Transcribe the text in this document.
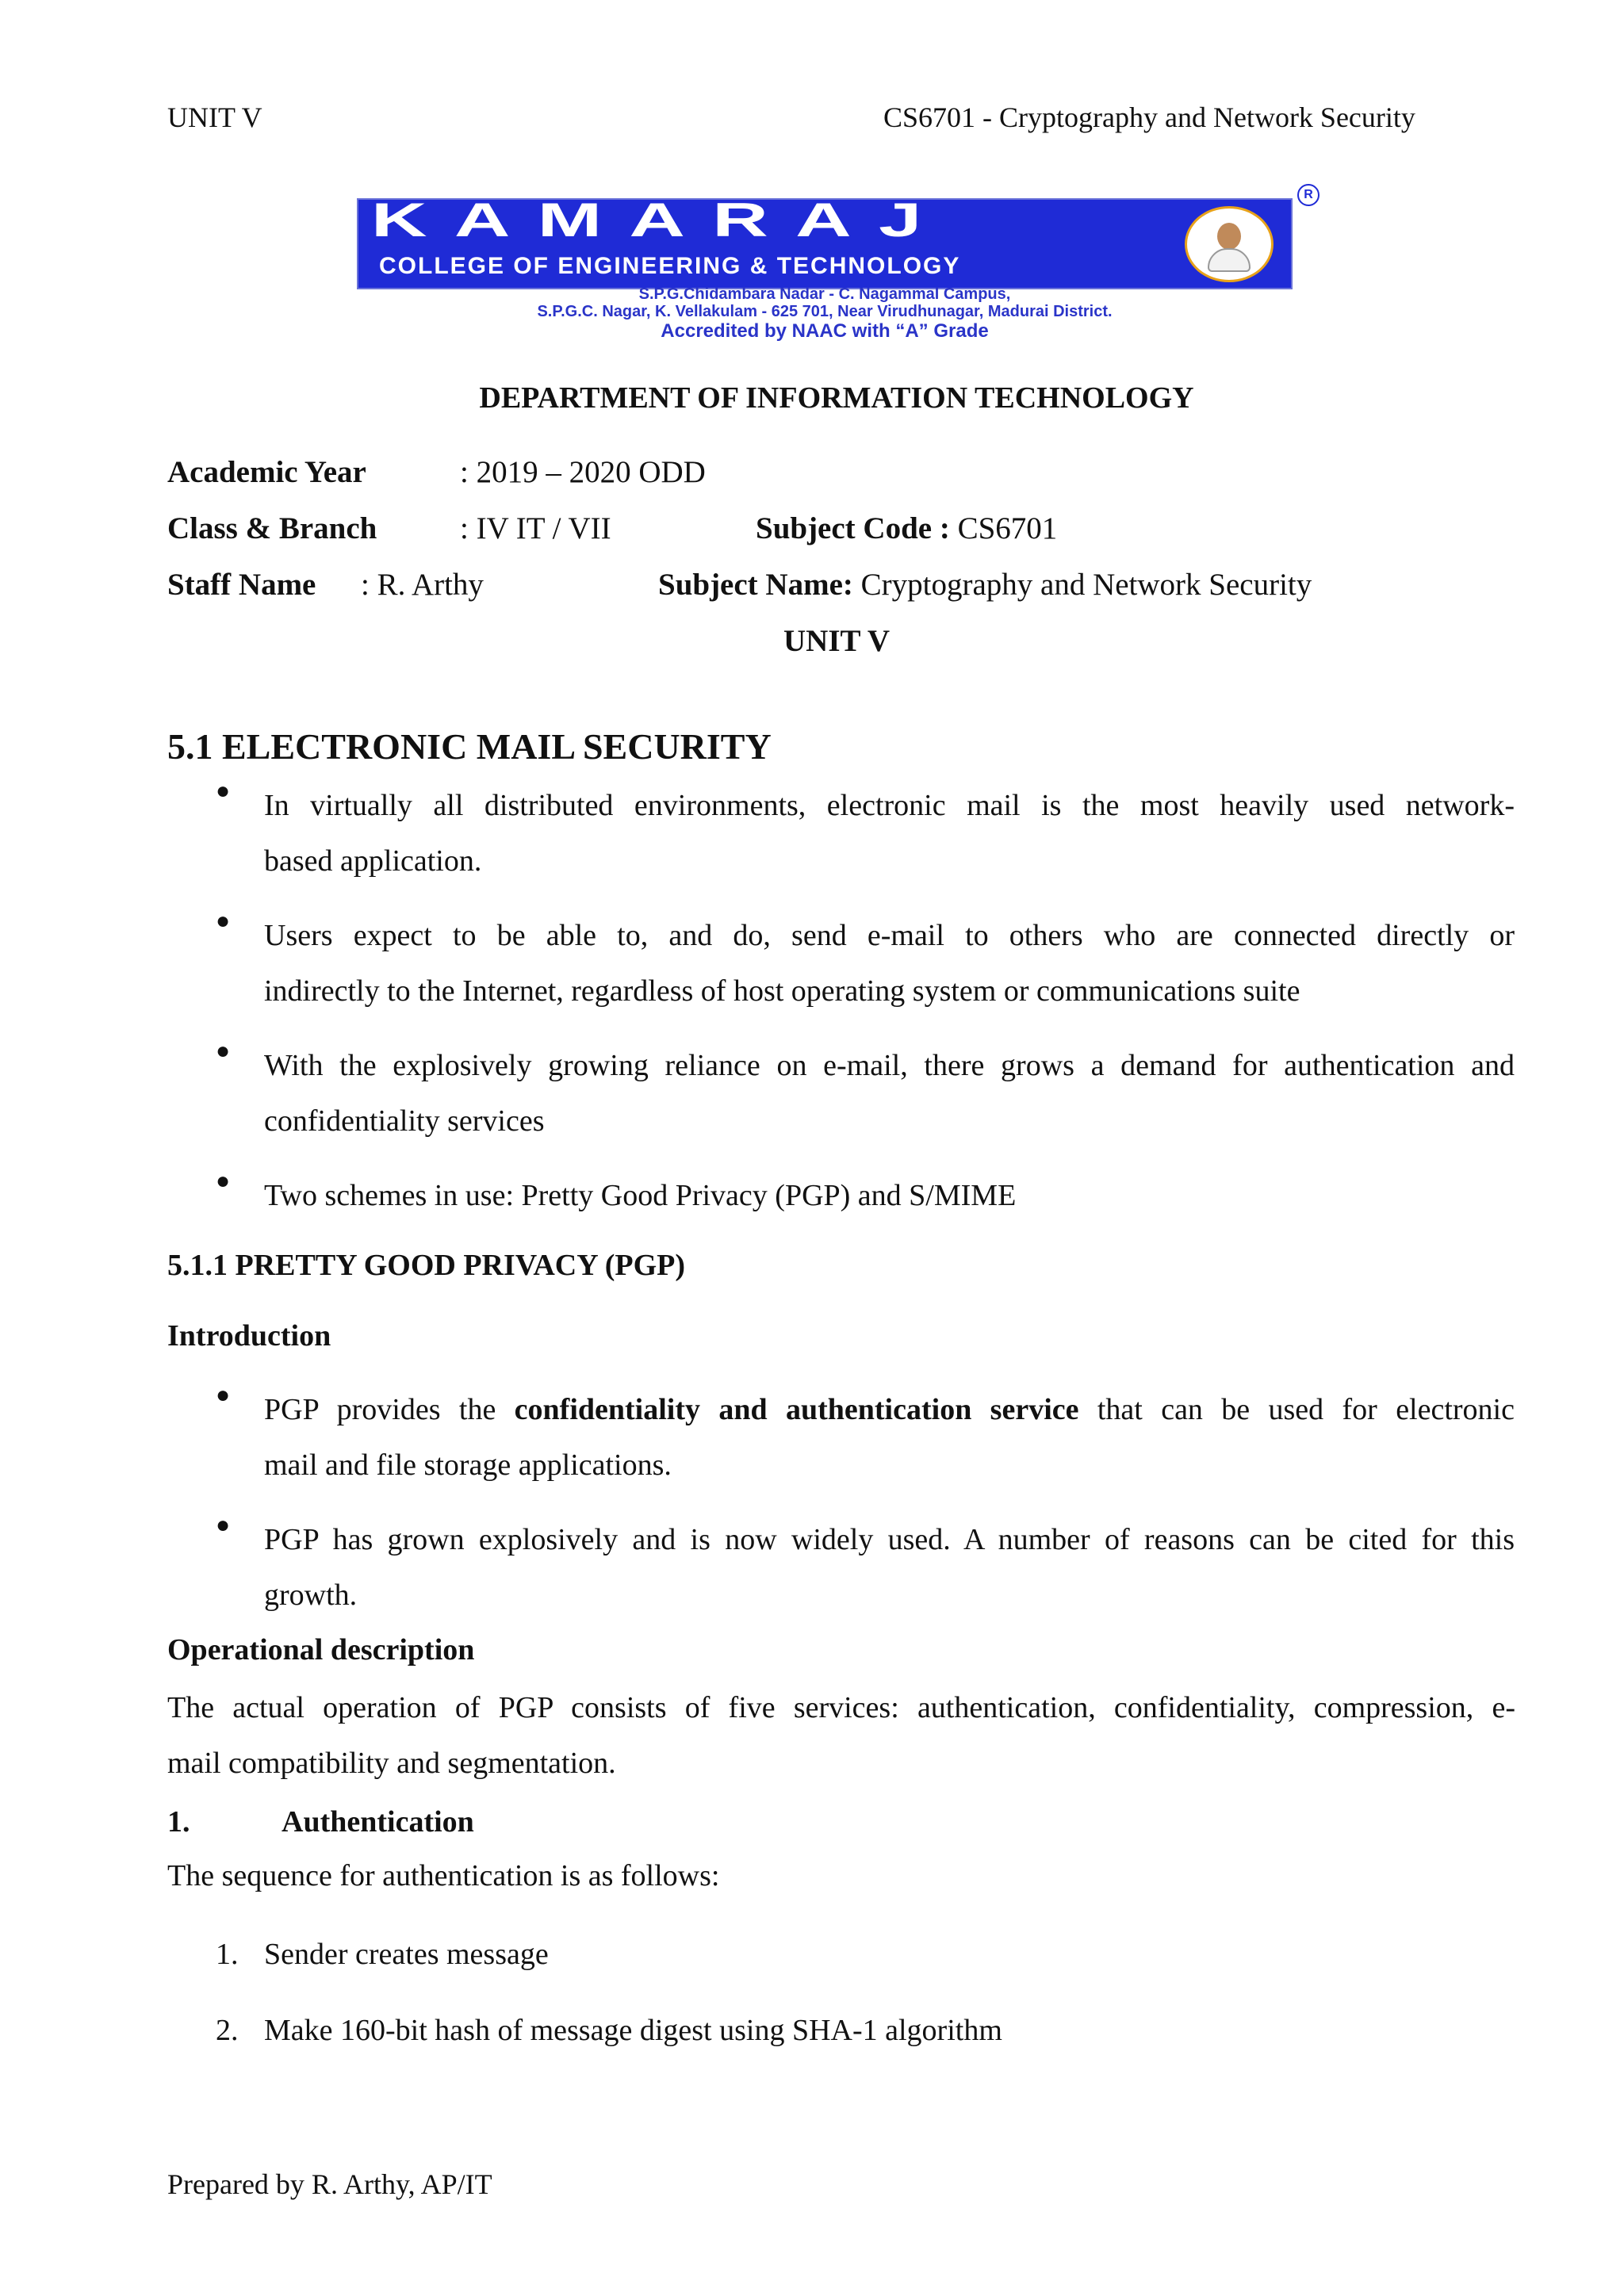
UNIT V	CS6701 - Cryptography and Network Security
KAMARAJ
COLLEGE OF ENGINEERING & TECHNOLOGY
R
S.P.G.Chidambara Nadar - C. Nagammal Campus,
S.P.G.C. Nagar, K. Vellakulam - 625 701, Near Virudhunagar, Madurai District.
Accredited by NAAC with “A” Grade
DEPARTMENT OF INFORMATION TECHNOLOGY
Academic Year	: 2019 – 2020 ODD
Class & Branch	: IV IT / VII	Subject Code : CS6701
Staff Name : R. Arthy	Subject Name: Cryptography and Network Security
UNIT V
5.1 ELECTRONIC MAIL SECURITY
● In virtually all distributed environments, electronic mail is the most heavily used network-
based application.
● Users expect to be able to, and do, send e-mail to others who are connected directly or
indirectly to the Internet, regardless of host operating system or communications suite
● With the explosively growing reliance on e-mail, there grows a demand for authentication and
confidentiality services
● Two schemes in use: Pretty Good Privacy (PGP) and S/MIME
5.1.1 PRETTY GOOD PRIVACY (PGP)
Introduction
● PGP provides the confidentiality and authentication service that can be used for electronic
mail and file storage applications.
● PGP has grown explosively and is now widely used. A number of reasons can be cited for this
growth.
Operational description
The actual operation of PGP consists of five services: authentication, confidentiality, compression, e-
mail compatibility and segmentation.
1.	Authentication
The sequence for authentication is as follows:
1. Sender creates message
2. Make 160-bit hash of message digest using SHA-1 algorithm
Prepared by R. Arthy, AP/IT
